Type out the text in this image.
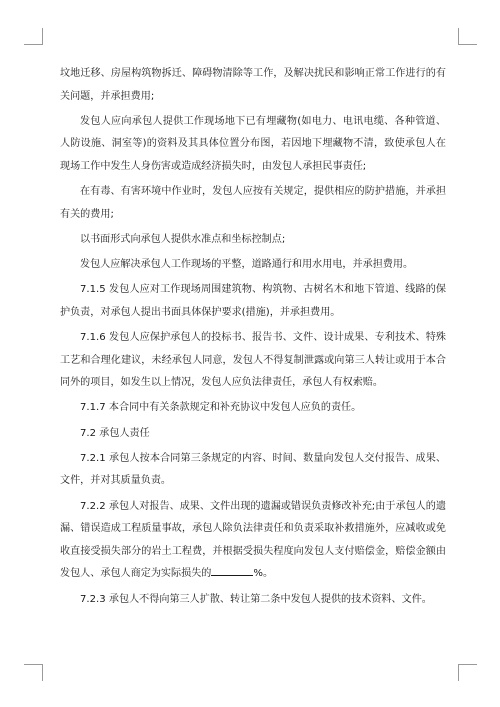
坟地迁移、房屋构筑物拆迁、障碍物清除等工作，及解决扰民和影响正常工作进行的有关问题，并承担费用;

发包人应向承包人提供工作现场地下已有埋藏物(如电力、电讯电缆、各种管道、人防设施、洞室等)的资料及其具体位置分布图，若因地下埋藏物不清，致使承包人在现场工作中发生人身伤害或造成经济损失时，由发包人承担民事责任;

在有毒、有害环境中作业时，发包人应按有关规定，提供相应的防护措施，并承担有关的费用;

以书面形式向承包人提供水准点和坐标控制点;

发包人应解决承包人工作现场的平整，道路通行和用水用电，并承担费用。

7.1.5 发包人应对工作现场周围建筑物、构筑物、古树名木和地下管道、线路的保护负责，对承包人提出书面具体保护要求(措施)，并承担费用。

7.1.6 发包人应保护承包人的投标书、报告书、文件、设计成果、专利技术、特殊工艺和合理化建议，未经承包人同意，发包人不得复制泄露或向第三人转让或用于本合同外的项目，如发生以上情况，发包人应负法律责任，承包人有权索赔。

7.1.7 本合同中有关条款规定和补充协议中发包人应负的责任。

7.2 承包人责任

7.2.1 承包人按本合同第三条规定的内容、时间、数量向发包人交付报告、成果、文件，并对其质量负责。

7.2.2 承包人对报告、成果、文件出现的遗漏或错误负责修改补充;由于承包人的遗漏、错误造成工程质量事故，承包人除负法律责任和负责采取补救措施外，应减收或免收直接受损失部分的岩土工程费，并根据受损失程度向发包人支付赔偿金，赔偿金额由发包人、承包人商定为实际损失的	%。

7.2.3 承包人不得向第三人扩散、转让第二条中发包人提供的技术资料、文件。
